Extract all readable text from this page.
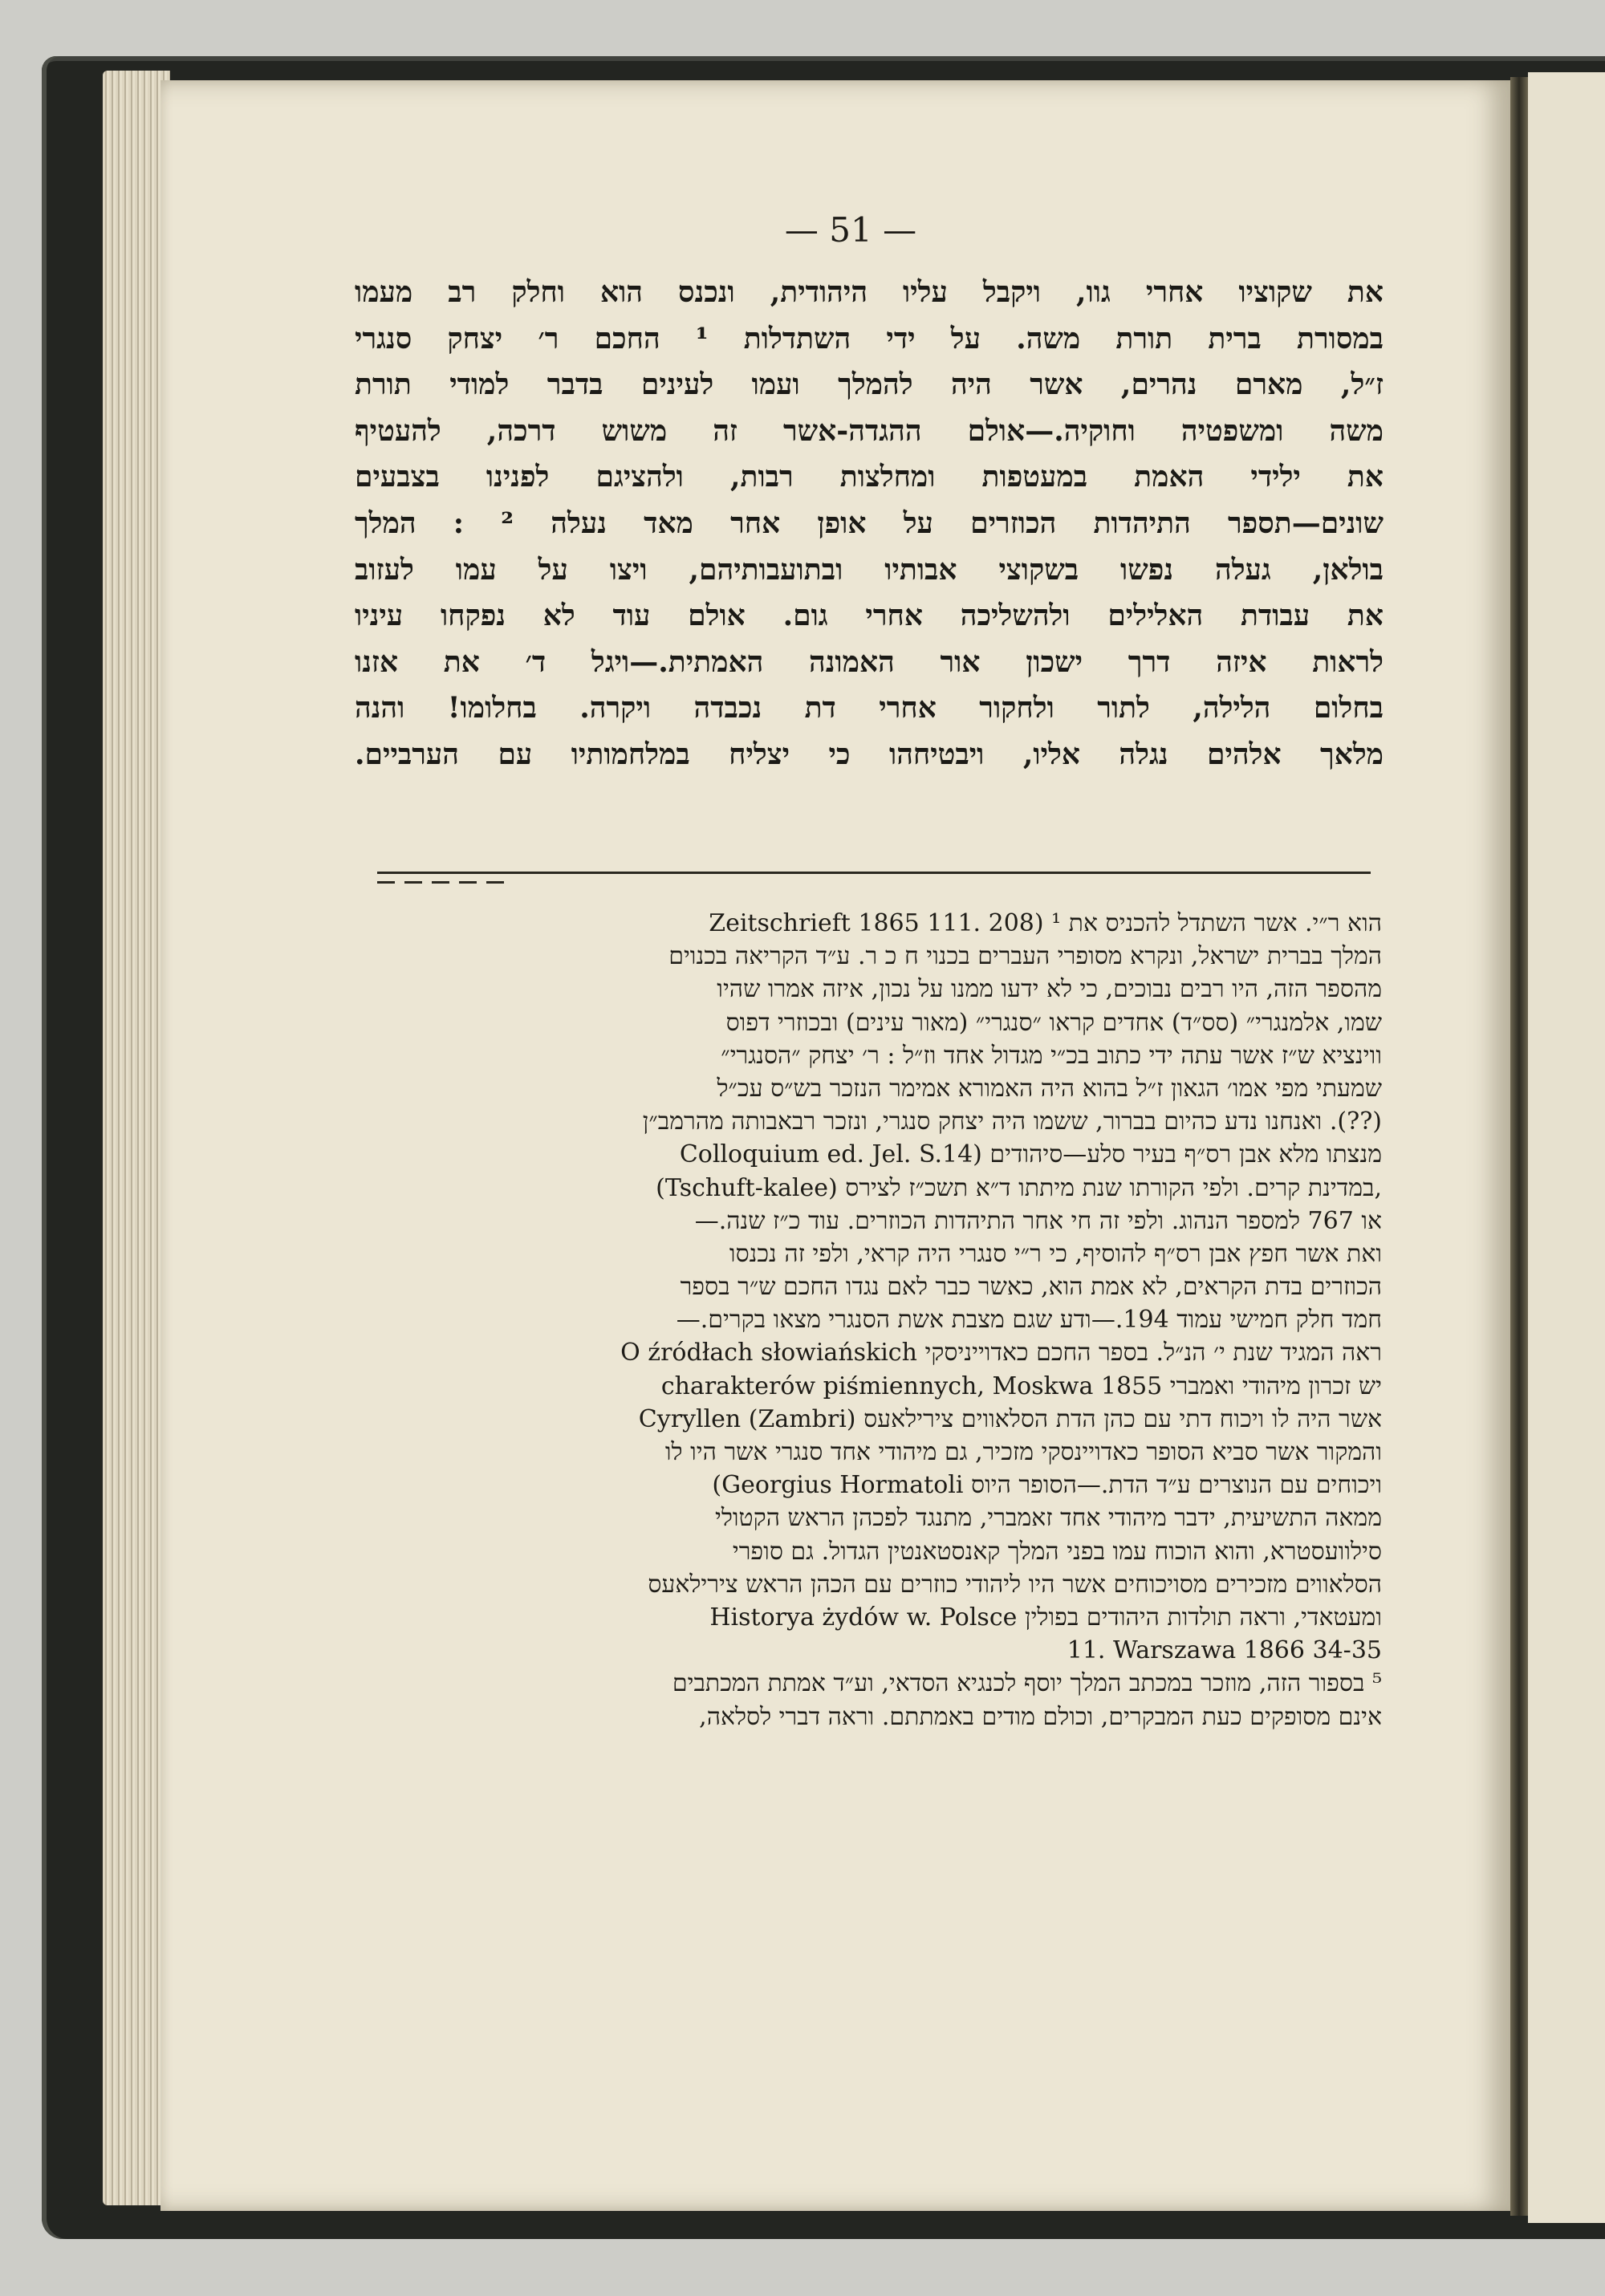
— 51 —
את שקוציו אחרי גוו, ויקבל עליו היהודית, ונכנס הוא וחלק רב מעמו
במסורת ברית תורת משה. על ידי השתדלות ¹ החכם ר׳ יצחק סנגרי
ז״ל, מארם נהרים, אשר היה להמלך ועמו לעינים בדבר למודי תורת
משה ומשפטיה וחוקיה.—אולם ההגדה-אשר זה משוש דרכה, להעטיף
את ילידי האמת במעטפות ומחלצות רבות, ולהציגם לפנינו בצבעים
שונים—תספר התיהדות הכוזרים על אופן אחר מאד נעלה ² : המלך
בולאן, געלה נפשו בשקוצי אבותיו ובתועבותיהם, ויצו על עמו לעזוב
את עבודת האלילים ולהשליכה אחרי גום. אולם עוד לא נפקחו עיניו
לראות איזה דרך ישכון אור האמונה האמתית.—ויגל ד׳ את אזנו
בחלום הלילה, לתור ולחקור אחרי דת נכבדה ויקרה. בחלומו! והנה
מלאך אלהים נגלה אליו, ויבטיחהו כי יצליח במלחמותיו עם הערביים.
Zeitschrieft 1865 111. 208) ¹ הוא ר״י. אשר השתדל להכניס את
המלך בברית ישראל, ונקרא מסופרי העברים בכנוי ח כ ר. ע״ד הקריאה בכנוים
מהספר הזה, היו רבים נבוכים, כי לא ידעו ממנו על נכון, איזה אמרו שהיו
שמו, אלמנגרי״ (סס״ד) אחדים קראו ״סנגרי״ (מאור עינים) ובכוזרי דפוס
ווינציא ש״ז אשר עתה ידי כתוב בכ״י מגדול אחד וז״ל : ר׳ יצחק ״הסנגרי״
שמעתי מפי אמו׳ הגאון ז״ל בהוא היה האמורא אמימר הנזכר בש״ס עכ״ל
(??). ואנחנו נדע כהיום בברור, ששמו היה יצחק סנגרי, ונזכר רבאבותה מהרמב״ן
Colloquium ed. Jel. S.14) מנצתו מלא אבן רס״ף בעיר סלע—סיהודים
(Tschuft-kalee) במדינת קרים. ולפי הקורתו שנת מיתתו ד״א תשכ״ז לצירס,
או 767 למספר הנהוג. ולפי זה חי אחר התיהדות הכוזרים. עוד כ״ז שנה.—
ואת אשר חפץ אבן רס״ף להוסיף, כי ר״י סנגרי היה קראי, ולפי זה נכנסו
הכוזרים בדת הקראים, לא אמת הוא, כאשר כבר לאם נגדו החכם ש״ר בספר
חמד חלק חמישי עמוד 194.—ודע שגם מצבת אשת הסנגרי מצאו בקרים.—
O źródłach słowiańskich ראה המגיד שנת י׳ הנ״ל. בספר החכם כאדוייניסקי
charakterów piśmiennych, Moskwa 1855 יש זכרון מיהודי ואמברי
Cyryllen (Zambri) אשר היה לו ויכוח דתי עם כהן הדת הסלאווים צירילאעס
והמקור אשר סביא הסופר כאדויינסקי מזכיר, גם מיהודי אחד סנגרי אשר היו לו
(Georgius Hormatoli ויכוחים עם הנוצרים ע״ד הדת.—הסופר היוס
ממאה התשיעית, ידבר מיהודי אחד זאמברי, מתנגד לפכהן הראש הקטולי
סילוועסטרא, והוא הוכוח עמו בפני המלך קאנסטאנטין הגדול. גם סופרי
הסלאווים מזכירים מסויכוחים אשר היו ליהודי כוזרים עם הכהן הראש צירילאעס
Historya żydów w. Polsce ומעטאדי, וראה תולדות היהודים בפולין
11. Warszawa 1866 34-35
⁵ בספור הזה, מוזכר במכתב המלך יוסף לכנגיא הסדאי, וע״ד אמתת המכתבים
אינם מסופקים כעת המבקרים, וכולם מודים באמתתם. וראה דברי לסלאה,
